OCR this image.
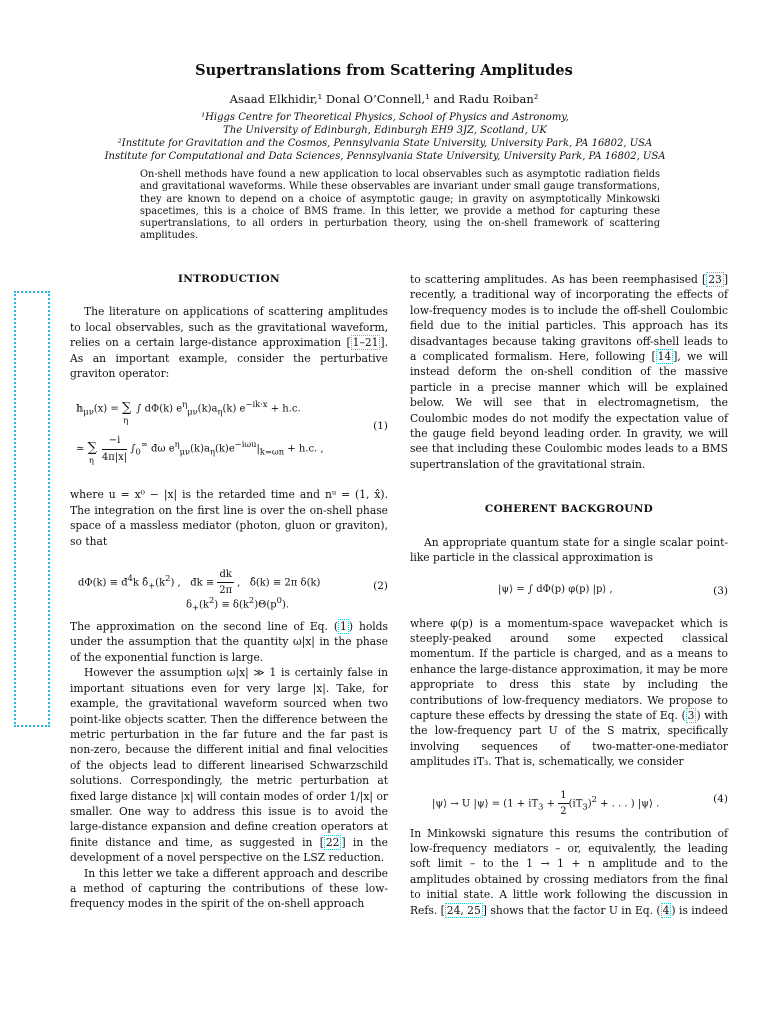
Supertranslations from Scattering Amplitudes
Asaad Elkhidir,¹ Donal O’Connell,¹ and Radu Roiban²
¹Higgs Centre for Theoretical Physics, School of Physics and Astronomy,
The University of Edinburgh, Edinburgh EH9 3JZ, Scotland, UK
²Institute for Gravitation and the Cosmos, Pennsylvania State University, University Park, PA 16802, USA
Institute for Computational and Data Sciences, Pennsylvania State University, University Park, PA 16802, USA
On-shell methods have found a new application to local observables such as asymptotic radiation fields and gravitational waveforms. While these observables are invariant under small gauge transformations, they are known to depend on a choice of asymptotic gauge; in gravity on asymptotically Minkowski spacetimes, this is a choice of BMS frame. In this letter, we provide a method for capturing these supertranslations, to all orders in perturbation theory, using the on-shell framework of scattering amplitudes.
INTRODUCTION

The literature on applications of scattering amplitudes to local observables, such as the gravitational waveform, relies on a certain large-distance approximation [ 1–21 ]. As an important example, consider the perturbative graviton operator:

𝕙$_{\mu\nu}$(x) = $\sum_\eta\int$ dΦ(k) $e^\eta_{\mu\nu}(k)a_\eta(k) e^{-ik\cdot x} + h.c$.
≃ $\sum_\eta \frac{-i}{4\pi|x|} \int_0^\infty$ đω $e^\eta_{\mu\nu}(k)a_\eta(k)e^{-i\omega u}|_{k=\omega n} + h.c$. ,
(1)

where u = x⁰ − |x| is the retarded time and nᵘ = (1, x̂). The integration on the first line is over the on-shell phase space of a massless mediator (photon, gluon or graviton), so that

$d\Phi(k) \equiv đ^4k$ $\deltâ_+(k^2)$ ,   đk ≡ $\frac{dk}{2\pi}$ ,   δ̂(k) ≡ 2π δ(k)
$\delta_+(k^2) \equiv \delta(k^2)\Theta(p^0)$.
(2)

The approximation on the second line of Eq. ( 1 ) holds under the assumption that the quantity ω|x| in the phase of the exponential function is large.

However the assumption ω|x| ≫ 1 is certainly false in important situations even for very large |x|. Take, for example, the gravitational waveform sourced when two point-like objects scatter. Then the difference between the metric perturbation in the far future and the far past is non-zero, because the different initial and final velocities of the objects lead to different linearised Schwarzschild solutions. Correspondingly, the metric perturbation at fixed large distance |x| will contain modes of order 1/|x| or smaller. One way to address this issue is to avoid the large-distance expansion and define creation operators at finite distance and time, as suggested in [ 22 ] in the development of a novel perspective on the LSZ reduction.

In this letter we take a different approach and describe a method of capturing the contributions of these low-frequency modes in the spirit of the on-shell approach

to scattering amplitudes. As has been reemphasised [ 23 ] recently, a traditional way of incorporating the effects of low-frequency modes is to include the off-shell Coulombic field due to the initial particles. This approach has its disadvantages because taking gravitons off-shell leads to a complicated formalism. Here, following [ 14 ], we will instead deform the on-shell condition of the massive particle in a precise manner which will be explained below. We will see that in electromagnetism, the Coulombic modes do not modify the expectation value of the gauge field beyond leading order. In gravity, we will see that including these Coulombic modes leads to a BMS supertranslation of the gravitational strain.

COHERENT BACKGROUND

An appropriate quantum state for a single scalar point-like particle in the classical approximation is

|ψ⟩ = ∫ dΦ(p) φ(p) |p⟩ ,	(3)

where φ(p) is a momentum-space wavepacket which is steeply-peaked around some expected classical momentum. If the particle is charged, and as a means to enhance the large-distance approximation, it may be more appropriate to dress this state by including the contributions of low-frequency mediators. We propose to capture these effects by dressing the state of Eq. ( 3 ) with the low-frequency part U of the S matrix, specifically involving sequences of two-matter-one-mediator amplitudes iT₃. That is, schematically, we consider

|ψ⟩ → U |ψ⟩ = ($1 + iT_3 + \frac{1}{2} (iT_3)^2$ + . . . ) |ψ⟩ .	(4)

In Minkowski signature this resums the contribution of low-frequency mediators – or, equivalently, the leading soft limit – to the 1 → 1 + n amplitude and to the amplitudes obtained by crossing mediators from the final to initial state. A little work following the discussion in Refs. [ 24, 25 ] shows that the factor U in Eq. ( 4 ) is indeed
